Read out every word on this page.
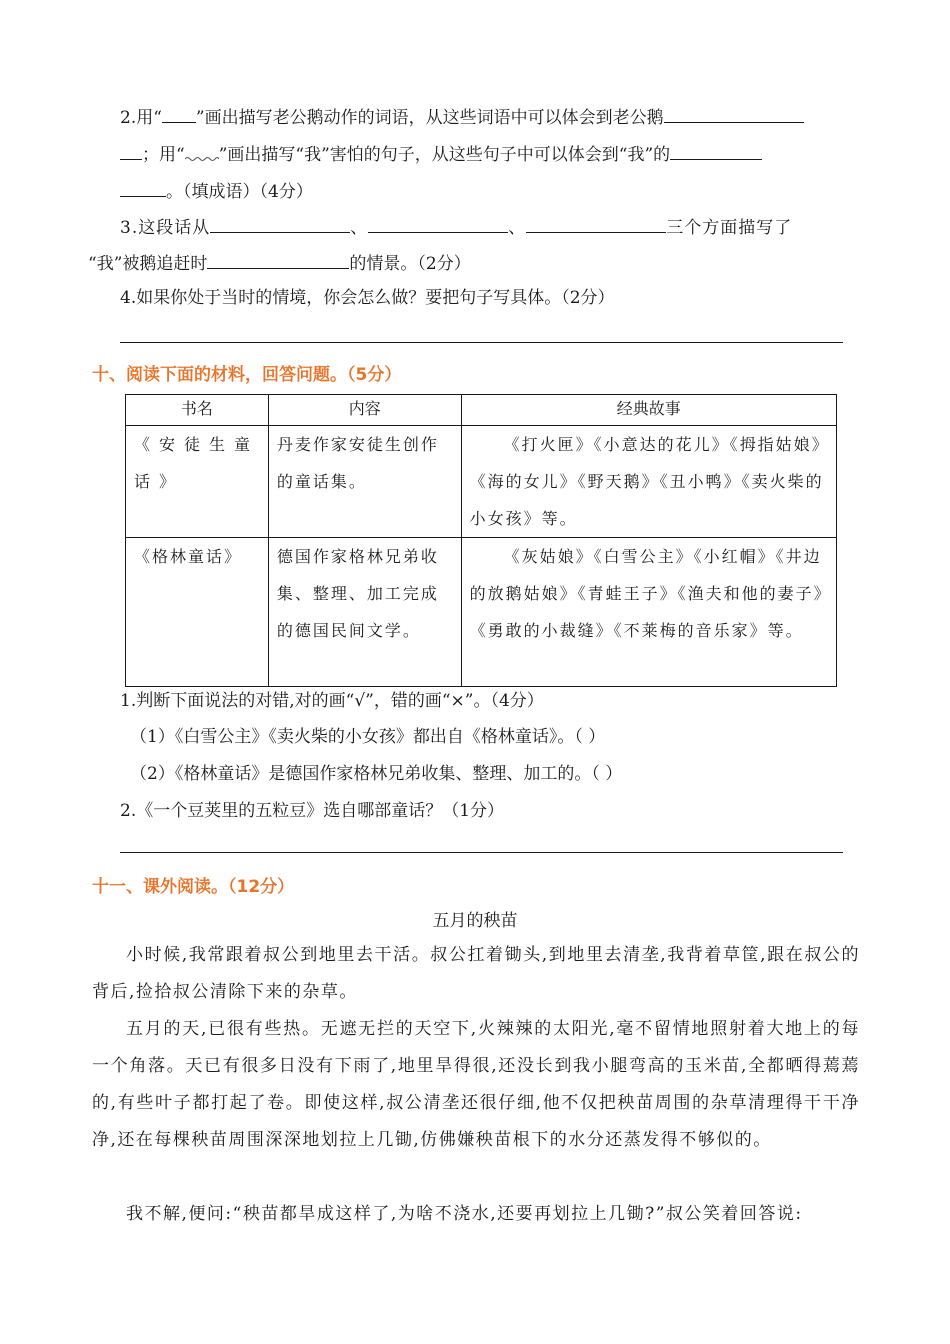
2.用“ ”画出描写老公鹅动作的词语，从这些词语中可以体会到老公鹅
；用“ ”画出描写“我”害怕的句子，从这些句子中可以体会到“我”的
。（填成语）（4分）
3.这段话从	、	、	三个方面描写了
“我”被鹅追赶时	的情景。（2分）
4.如果你处于当时的情境，你会怎么做？要把句子写具体。（2分）
十、阅读下面的材料，回答问题。（5分）
书名	内容	经典故事

《安徒生童话》	丹麦作家安徒生创作的童话集。	《打火匣》《小意达的花儿》《拇指姑娘》《海的女儿》《野天鹅》《丑小鸭》《卖火柴的小女孩》等。

《格林童话》	德国作家格林兄弟收集、整理、加工完成的德国民间文学。	《灰姑娘》《白雪公主》《小红帽》《井边的放鹅姑娘》《青蛙王子》《渔夫和他的妻子》《勇敢的小裁缝》《不莱梅的音乐家》等。
1.判断下面说法的对错,对的画“√”，错的画“×”。（4分）
（1）《白雪公主》《卖火柴的小女孩》都出自《格林童话》。（ ）
（2）《格林童话》是德国作家格林兄弟收集、整理、加工的。（ ）
2.《一个豆荚里的五粒豆》选自哪部童话？（1分）
十一、课外阅读。（12分）
五月的秧苗
小时候,我常跟着叔公到地里去干活。叔公扛着锄头,到地里去清垄,我背着草筐,跟在叔公的背后,捡拾叔公清除下来的杂草。
五月的天,已很有些热。无遮无拦的天空下,火辣辣的太阳光,毫不留情地照射着大地上的每一个角落。天已有很多日没有下雨了,地里旱得很,还没长到我小腿弯高的玉米苗,全都晒得蔫蔫的,有些叶子都打起了卷。即使这样,叔公清垄还很仔细,他不仅把秧苗周围的杂草清理得干干净净,还在每棵秧苗周围深深地划拉上几锄,仿佛嫌秧苗根下的水分还蒸发得不够似的。
我不解,便问:“秧苗都旱成这样了,为啥不浇水,还要再划拉上几锄?”叔公笑着回答说:
